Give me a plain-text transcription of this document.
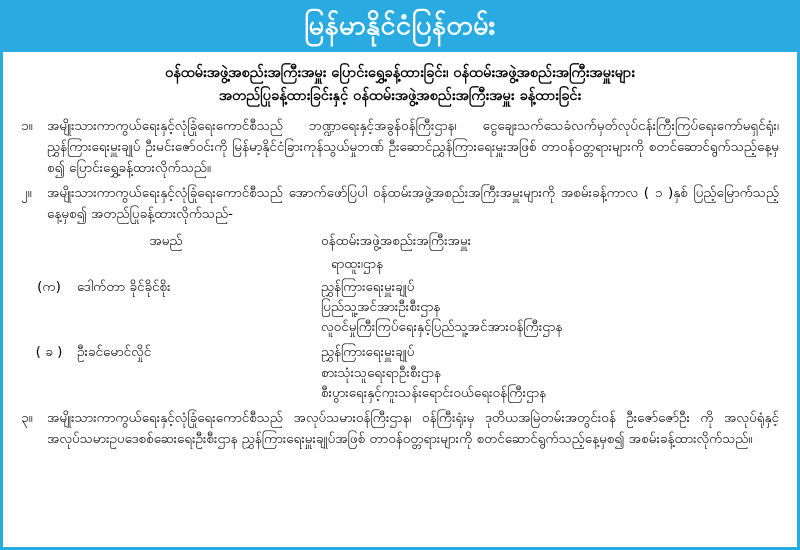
မြန်မာနိုင်ငံပြန်တမ်း
ဝန်ထမ်းအဖွဲ့အစည်းအကြီးအမှူး ပြောင်းရွှေ့ခန့်ထားခြင်း၊ ဝန်ထမ်းအဖွဲ့အစည်းအကြီးအမှူးများ
အတည်ပြုခန့်ထားခြင်းနှင့် ဝန်ထမ်းအဖွဲ့အစည်းအကြီးအမှူး ခန့်ထားခြင်း
၁။	အမျိုးသားကာကွယ်ရေးနှင့်လုံခြုံရေးကောင်စီသည် ဘဏ္ဍာရေးနှင့်အခွန်ဝန်ကြီးဌာန၊ ငွေချေးသက်သေခံလက်မှတ်လုပ်ငန်းကြီးကြပ်ရေးကော်မရှင်ရုံး၊ ညွှန်ကြားရေးမှူးချုပ် ဦးမင်းဇော်ဝင်းကို မြန်မာ့နိုင်ငံခြားကုန်သွယ်မှုဘဏ် ဦးဆောင်ညွှန်ကြားရေးမှူးအဖြစ် တာဝန်ဝတ္တရားများကို စတင်ဆောင်ရွက်သည့်နေ့မှစ၍ ပြောင်းရွှေ့ခန့်ထားလိုက်သည်။
၂။	အမျိုးသားကာကွယ်ရေးနှင့်လုံခြုံရေးကောင်စီသည် အောက်ဖော်ပြပါ ဝန်ထမ်းအဖွဲ့အစည်းအကြီးအမှူးများကို အစမ်းခန့်ကာလ ( ၁ )နှစ် ပြည့်မြောက်သည့်နေ့မှစ၍ အတည်ပြုခန့်ထားလိုက်သည်-
အမည်	ဝန်ထမ်းအဖွဲ့အစည်းအကြီးအမှူး
ရာထူး၊ဌာန
(က)	ဒေါက်တာ ခိုင်ခိုင်စိုး	ညွှန်ကြားရေးမှူးချုပ်
ပြည်သူ့အင်အားဦးစီးဌာန
လူဝင်မှုကြီးကြပ်ရေးနှင့်ပြည်သူ့အင်အားဝန်ကြီးဌာန
( ခ )	ဦးခင်မောင်လှိုင်	ညွှန်ကြားရေးမှူးချုပ်
စားသုံးသူရေးရာဦးစီးဌာန
စီးပွားရေးနှင့်ကူးသန်းရောင်းဝယ်ရေးဝန်ကြီးဌာန
၃။	အမျိုးသားကာကွယ်ရေးနှင့်လုံခြုံရေးကောင်စီသည် အလုပ်သမားဝန်ကြီးဌာန၊ ဝန်ကြီးရုံးမှ ဒုတိယအမြဲတမ်းအတွင်းဝန် ဦးဇော်ဇော်ဦး ကို အလုပ်ရုံနှင့်အလုပ်သမားဥပဒေစစ်ဆေးရေးဦးစီးဌာန ညွှန်ကြားရေးမှူးချုပ်အဖြစ် တာဝန်ဝတ္တရားများကို စတင်ဆောင်ရွက်သည့်နေ့မှစ၍ အစမ်းခန့်ထားလိုက်သည်။
